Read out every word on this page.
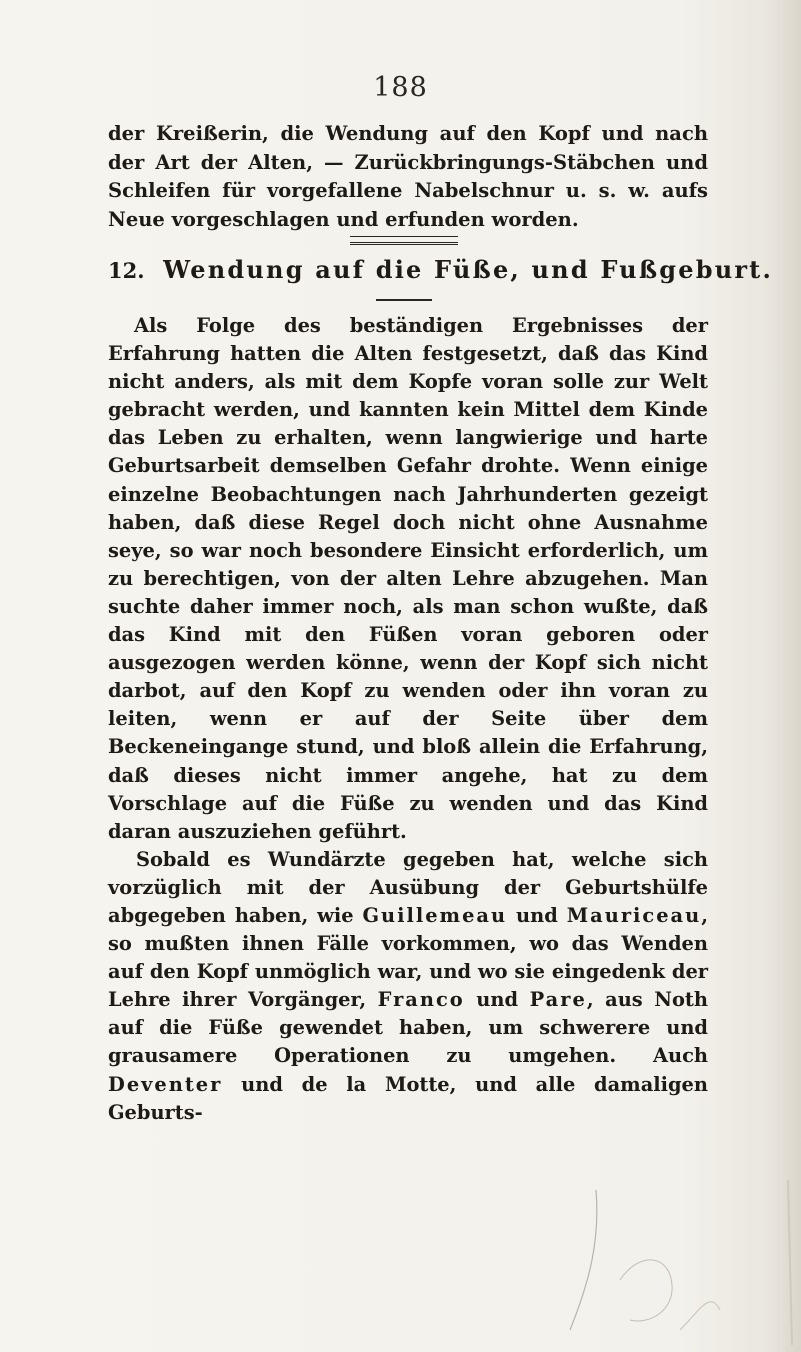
188
der Kreißerin, die Wendung auf den Kopf und nach der Art der Alten, — Zurückbringungs-Stäbchen und Schleifen für vorgefallene Nabelschnur u. s. w. aufs Neue vorgeschlagen und erfunden worden.
12. Wendung auf die Füße, und Fußgeburt.

Als Folge des beständigen Ergebnisses der Erfahrung hatten die Alten festgesetzt, daß das Kind nicht anders, als mit dem Kopfe voran solle zur Welt gebracht werden, und kannten kein Mittel dem Kinde das Leben zu erhalten, wenn langwierige und harte Geburtsarbeit demselben Gefahr drohte. Wenn einige einzelne Beobachtungen nach Jahrhunderten gezeigt haben, daß diese Regel doch nicht ohne Ausnahme seye, so war noch besondere Einsicht erforderlich, um zu berechtigen, von der alten Lehre abzugehen. Man suchte daher immer noch, als man schon wußte, daß das Kind mit den Füßen voran geboren oder ausgezogen werden könne, wenn der Kopf sich nicht darbot, auf den Kopf zu wenden oder ihn voran zu leiten, wenn er auf der Seite über dem Beckeneingange stund, und bloß allein die Erfahrung, daß dieses nicht immer angehe, hat zu dem Vorschlage auf die Füße zu wenden und das Kind daran auszuziehen geführt.

Sobald es Wundärzte gegeben hat, welche sich vorzüglich mit der Ausübung der Geburtshülfe abgegeben haben, wie Guillemeau und Mauriceau, so mußten ihnen Fälle vorkommen, wo das Wenden auf den Kopf unmöglich war, und wo sie eingedenk der Lehre ihrer Vorgänger, Franco und Pare, aus Noth auf die Füße gewendet haben, um schwerere und grausamere Operationen zu umgehen. Auch Deventer und de la Motte, und alle damaligen Geburts-
